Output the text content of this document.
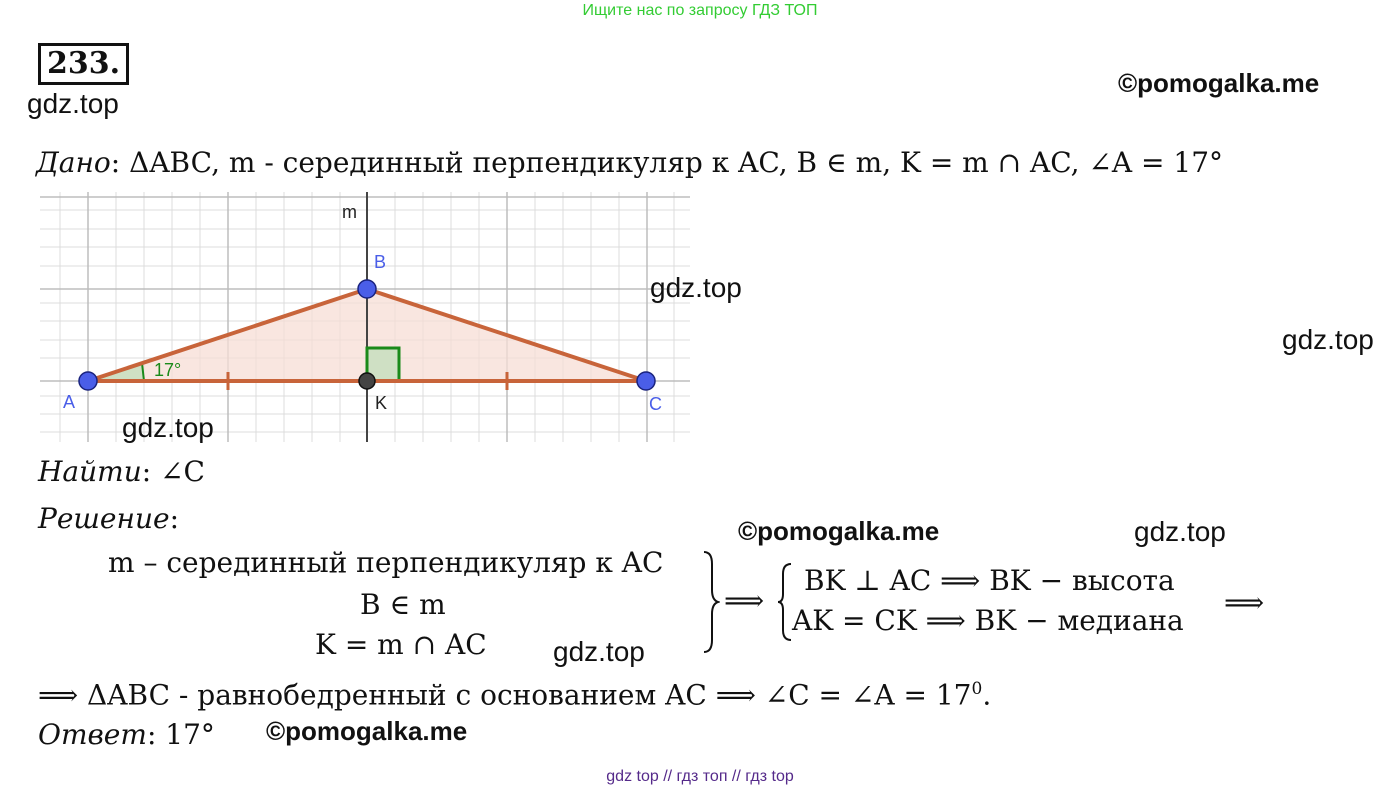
Ищите нас по запросу ГДЗ ТОП
233.
gdz.top
©pomogalka.me
Дано: ΔABC, m - серединный перпендикуляр к AC, B ∈ m, K = m ∩ AC, ∠A = 17°
m
B
A	C
K
17°
gdz.top
gdz.top
gdz.top
Найти: ∠C
Решение:	©pomogalka.me	gdz.top
m – серединный перпендикуляр к AC
B ∈ m
K = m ∩ AC
⟹
BK ⊥ AC ⟹ BK − высота
AK = CK ⟹ BK − медиана
⟹
gdz.top
⟹ ΔABC - равнобедренный с основанием AC ⟹ ∠C = ∠A = $17^0$.
Ответ: 17° ©pomogalka.me
gdz top // гдз топ // гдз top
